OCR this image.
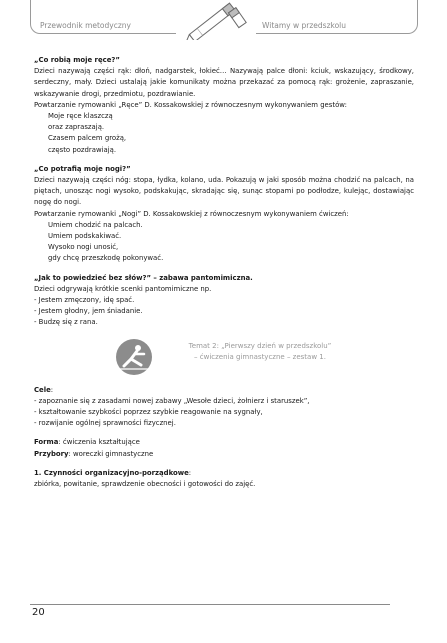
Przewodnik metodyczny	Witamy w przedszkolu

„Co robią moje ręce?”

Dzieci nazywają części rąk: dłoń, nadgarstek, łokieć… Nazywają palce dłoni: kciuk, wskazujący, środkowy, serdeczny, mały. Dzieci ustalają jakie komunikaty można przekazać za pomocą rąk: grożenie, zapraszanie, wskazywanie drogi, przedmiotu, pozdrawianie.

Powtarzanie rymowanki „Ręce” D. Kossakowskiej z równoczesnym wykonywaniem gestów:

Moje ręce klaszczą

oraz zapraszają.

Czasem palcem grożą,

często pozdrawiają.

„Co potrafią moje nogi?”

Dzieci nazywają części nóg: stopa, łydka, kolano, uda. Pokazują w jaki sposób można chodzić na palcach, na piętach, unosząc nogi wysoko, podskakując, skradając się, sunąc stopami po podłodze, kulejąc, dostawiając nogę do nogi.

Powtarzanie rymowanki „Nogi” D. Kossakowskiej z równoczesnym wykonywaniem ćwiczeń:

Umiem chodzić na palcach.

Umiem podskakiwać.

Wysoko nogi unosić,

gdy chcę przeszkodę pokonywać.

„Jak to powiedzieć bez słów?” – zabawa pantomimiczna.

Dzieci odgrywają krótkie scenki pantomimiczne np.

- Jestem zmęczony, idę spać.

- Jestem głodny, jem śniadanie.

- Budzę się z rana.

Temat 2: „Pierwszy dzień w przedszkolu”

– ćwiczenia gimnastyczne – zestaw 1.

Cele:

- zapoznanie się z zasadami nowej zabawy „Wesołe dzieci, żołnierz i staruszek”,

- kształtowanie szybkości poprzez szybkie reagowanie na sygnały,

- rozwijanie ogólnej sprawności fizycznej.

Forma: ćwiczenia kształtujące

Przybory: woreczki gimnastyczne

1. Czynności organizacyjno-porządkowe:

zbiórka, powitanie, sprawdzenie obecności i gotowości do zajęć.

20
